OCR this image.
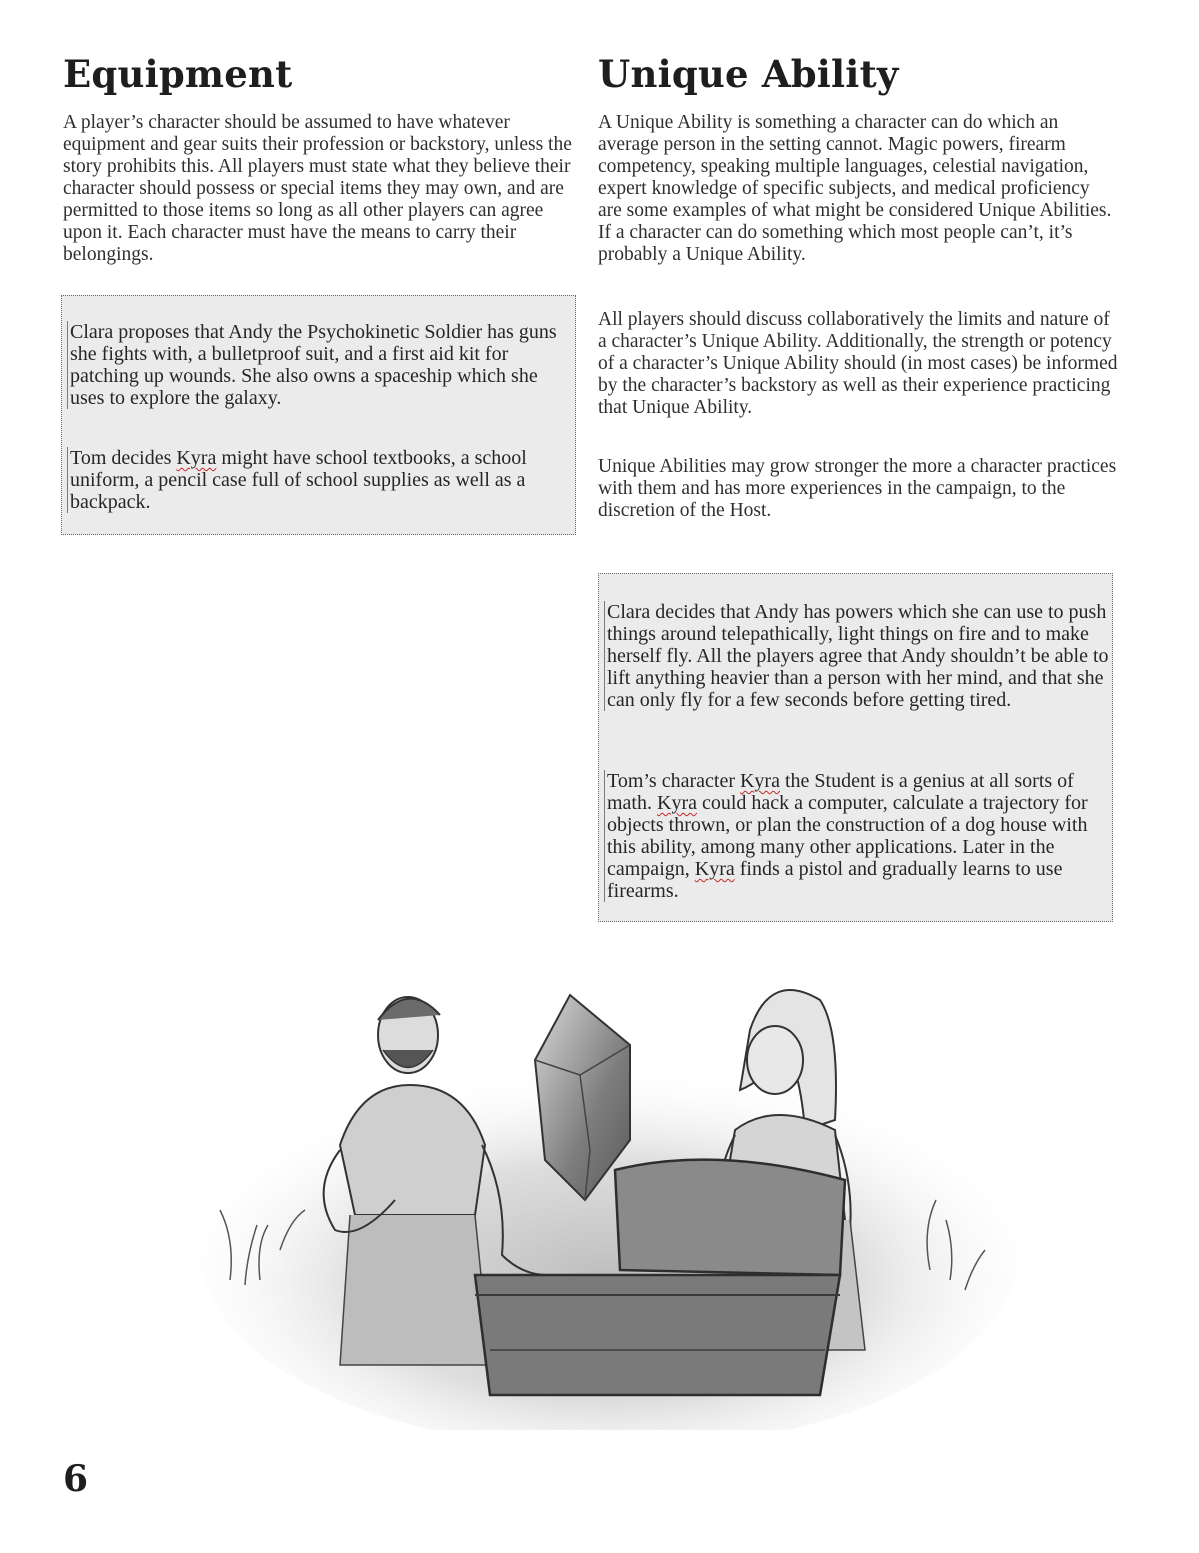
Equipment

A player’s character should be assumed to have whatever equipment and gear suits their profession or backstory, unless the story prohibits this. All players must state what they believe their character should possess or special items they may own, and are permitted to those items so long as all other players can agree upon it. Each character must have the means to carry their belongings.

Clara proposes that Andy the Psychokinetic Soldier has guns she fights with, a bulletproof suit, and a first aid kit for patching up wounds. She also owns a spaceship which she uses to explore the galaxy.

Tom decides Kyra might have school textbooks, a school uniform, a pencil case full of school supplies as well as a backpack.

Unique Ability

A Unique Ability is something a character can do which an average person in the setting cannot. Magic powers, firearm competency, speaking multiple languages, celestial navigation, expert knowledge of specific subjects, and medical proficiency are some examples of what might be considered Unique Abilities. If a character can do something which most people can’t, it’s probably a Unique Ability.

All players should discuss collaboratively the limits and nature of a character’s Unique Ability. Additionally, the strength or potency of a character’s Unique Ability should (in most cases) be informed by the character’s backstory as well as their experience practicing that Unique Ability.

Unique Abilities may grow stronger the more a character practices with them and has more experiences in the campaign, to the discretion of the Host.

Clara decides that Andy has powers which she can use to push things around telepathically, light things on fire and to make herself fly. All the players agree that Andy shouldn’t be able to lift anything heavier than a person with her mind, and that she can only fly for a few seconds before getting tired.

Tom’s character Kyra the Student is a genius at all sorts of math. Kyra could hack a computer, calculate a trajectory for objects thrown, or plan the construction of a dog house with this ability, among many other applications. Later in the campaign, Kyra finds a pistol and gradually learns to use firearms.

6
